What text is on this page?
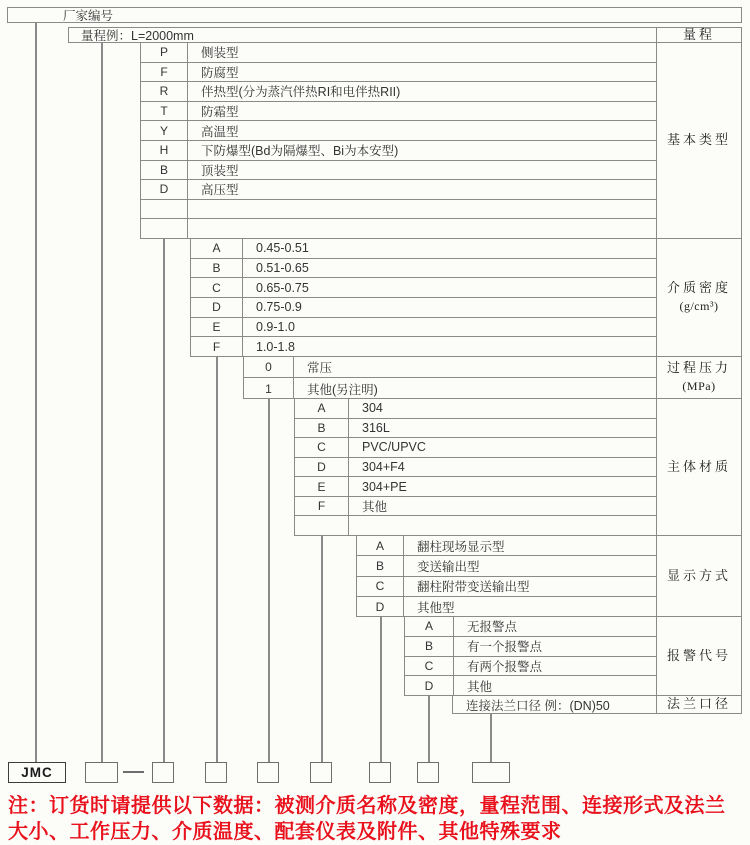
厂家编号
量程例：L=2000mm	量程
JMC
注：订货时请提供以下数据：被测介质名称及密度，量程范围、连接形式及法兰
大小、工作压力、介质温度、配套仪表及附件、其他特殊要求
P	侧装型
F	防腐型
R	伴热型(分为蒸汽伴热RI和电伴热RII)
T	防霜型
Y	高温型
H	下防爆型(Bd为隔爆型、Bi为本安型)
B	顶装型
D	高压型
基本类型
A	0.45-0.51
B	0.51-0.65
C	0.65-0.75
D	0.75-0.9
E	0.9-1.0
F	1.0-1.8
介质密度
(g/cm³)
0	常压
1	其他(另注明)
过程压力
(MPa)
A	304
B	316L
C	PVC/UPVC
D	304+F4
E	304+PE
F	其他
主体材质
A	翻柱现场显示型
B	变送输出型
C	翻柱附带变送输出型
D	其他型
显示方式
A	无报警点
B	有一个报警点
C	有两个报警点
D	其他
报警代号
连接法兰口径 例：(DN)50	法兰口径
